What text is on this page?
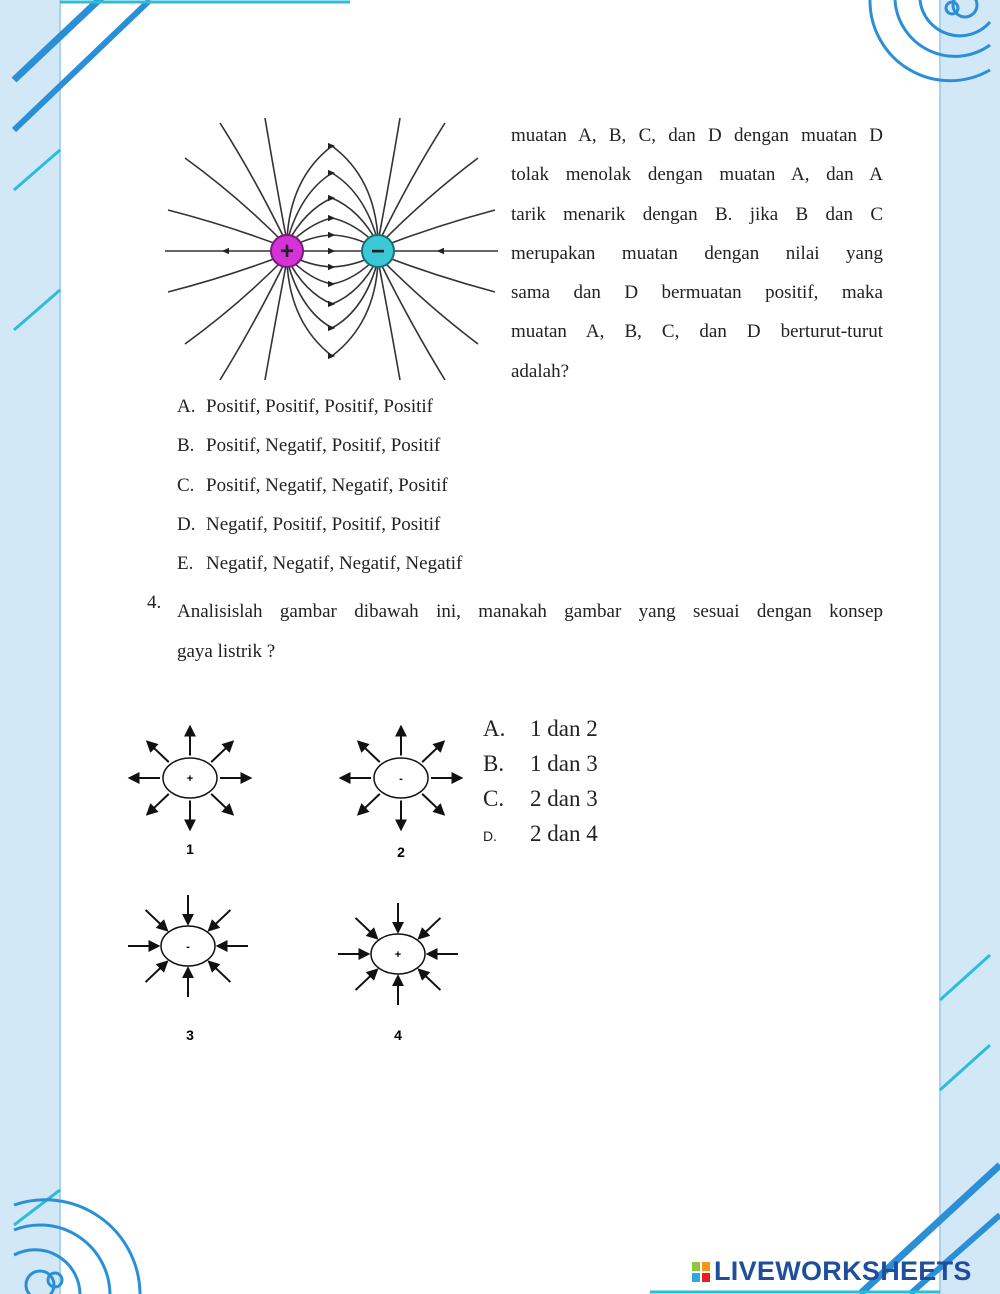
+	−
muatan A, B, C, dan D dengan muatan D
tolak menolak dengan muatan A, dan A
tarik menarik dengan B. jika B dan C
merupakan muatan dengan nilai yang
sama dan D bermuatan positif, maka
muatan A, B, C, dan D berturut-turut
adalah?
A. Positif, Positif, Positif, Positif
B. Positif, Negatif, Positif, Positif
C. Positif, Negatif, Negatif, Positif
D. Negatif, Positif, Positif, Positif
E. Negatif, Negatif, Negatif, Negatif
4. Analisislah gambar dibawah ini, manakah gambar yang sesuai dengan konsep
gaya listrik ?
+
1
-
2
-
3
+
4
A. 1 dan 2
B. 1 dan 3
C. 2 dan 3
D. 2 dan 4
LIVEWORKSHEETS
